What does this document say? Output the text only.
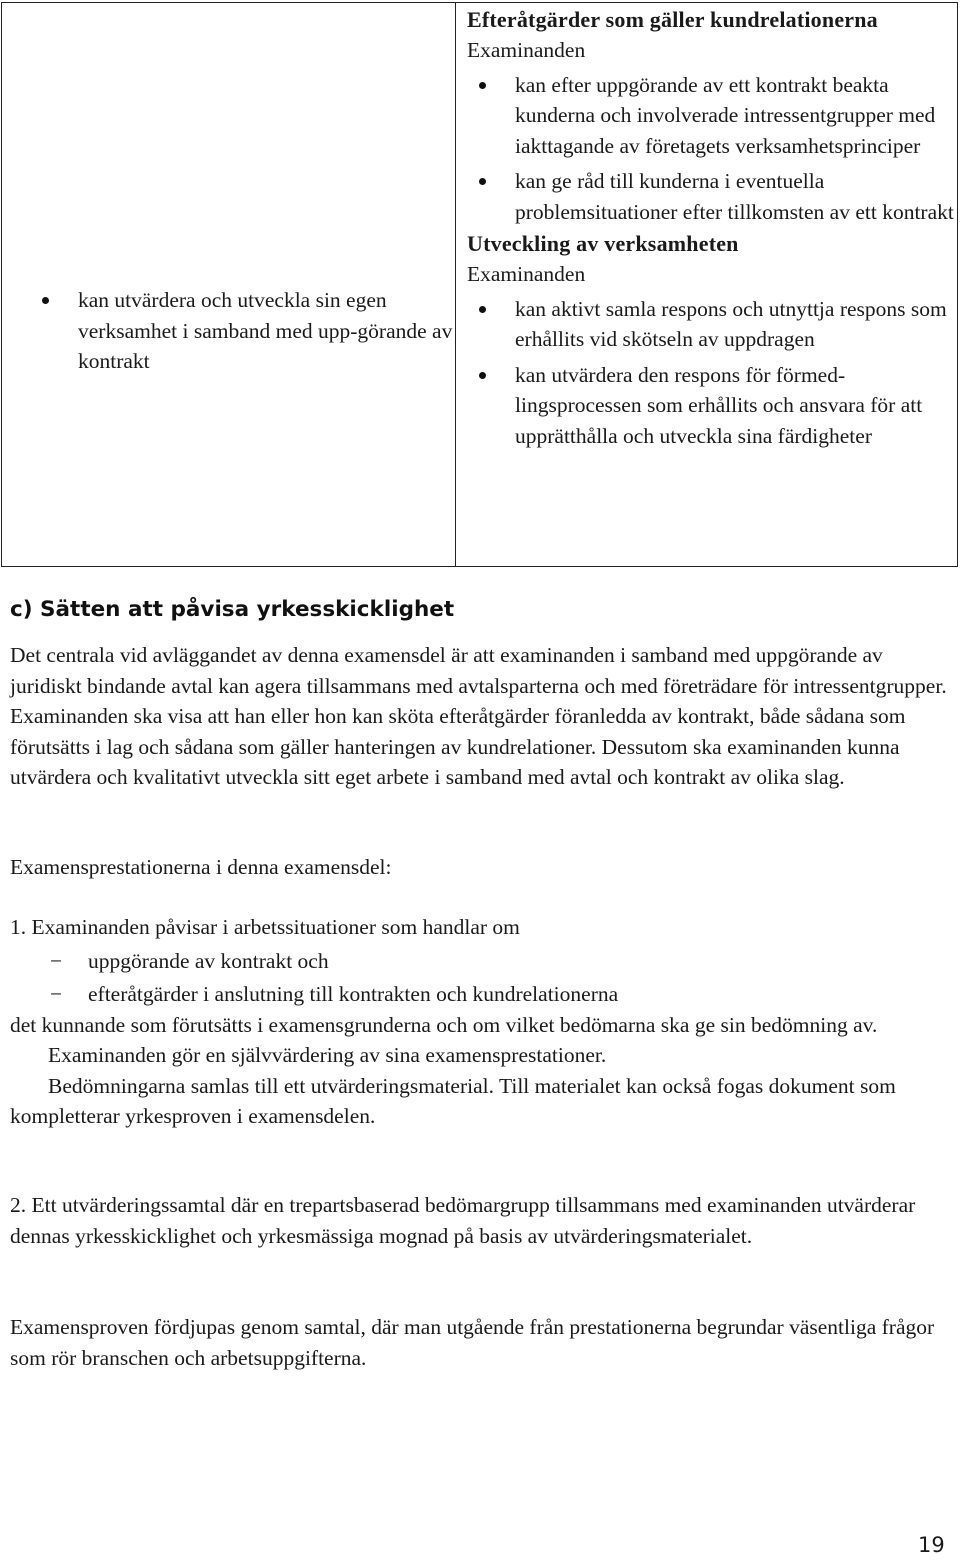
kan utvärdera och utveckla sin egen verksamhet i samband med upp-görande av kontrakt
Efteråtgärder som gäller kundrelationerna
Examinanden
kan efter uppgörande av ett kontrakt beakta kunderna och involverade intressentgrupper med iakttagande av företagets verksamhetsprinciper
kan ge råd till kunderna i eventuella problemsituationer efter tillkomsten av ett kontrakt
Utveckling av verksamheten
Examinanden
kan aktivt samla respons och utnyttja respons som erhållits vid skötseln av uppdragen
kan utvärdera den respons för förmed-lingsprocessen som erhållits och ansvara för att upprätthålla och utveckla sina färdigheter
c) Sätten att påvisa yrkesskicklighet
Det centrala vid avläggandet av denna examensdel är att examinanden i samband med uppgörande av juridiskt bindande avtal kan agera tillsammans med avtalsparterna och med företrädare för intressentgrupper. Examinanden ska visa att han eller hon kan sköta efteråtgärder föranledda av kontrakt, både sådana som förutsätts i lag och sådana som gäller hanteringen av kundrelationer. Dessutom ska examinanden kunna utvärdera och kvalitativt utveckla sitt eget arbete i samband med avtal och kontrakt av olika slag.
Examensprestationerna i denna examensdel:
1. Examinanden påvisar i arbetssituationer som handlar om
− uppgörande av kontrakt och
− efteråtgärder i anslutning till kontrakten och kundrelationerna
det kunnande som förutsätts i examensgrunderna och om vilket bedömarna ska ge sin bedömning av.
Examinanden gör en självvärdering av sina examensprestationer.
Bedömningarna samlas till ett utvärderingsmaterial. Till materialet kan också fogas dokument som kompletterar yrkesproven i examensdelen.
2. Ett utvärderingssamtal där en trepartsbaserad bedömargrupp tillsammans med examinanden utvärderar dennas yrkesskicklighet och yrkesmässiga mognad på basis av utvärderingsmaterialet.
Examensproven fördjupas genom samtal, där man utgående från prestationerna begrundar väsentliga frågor som rör branschen och arbetsuppgifterna.
19
